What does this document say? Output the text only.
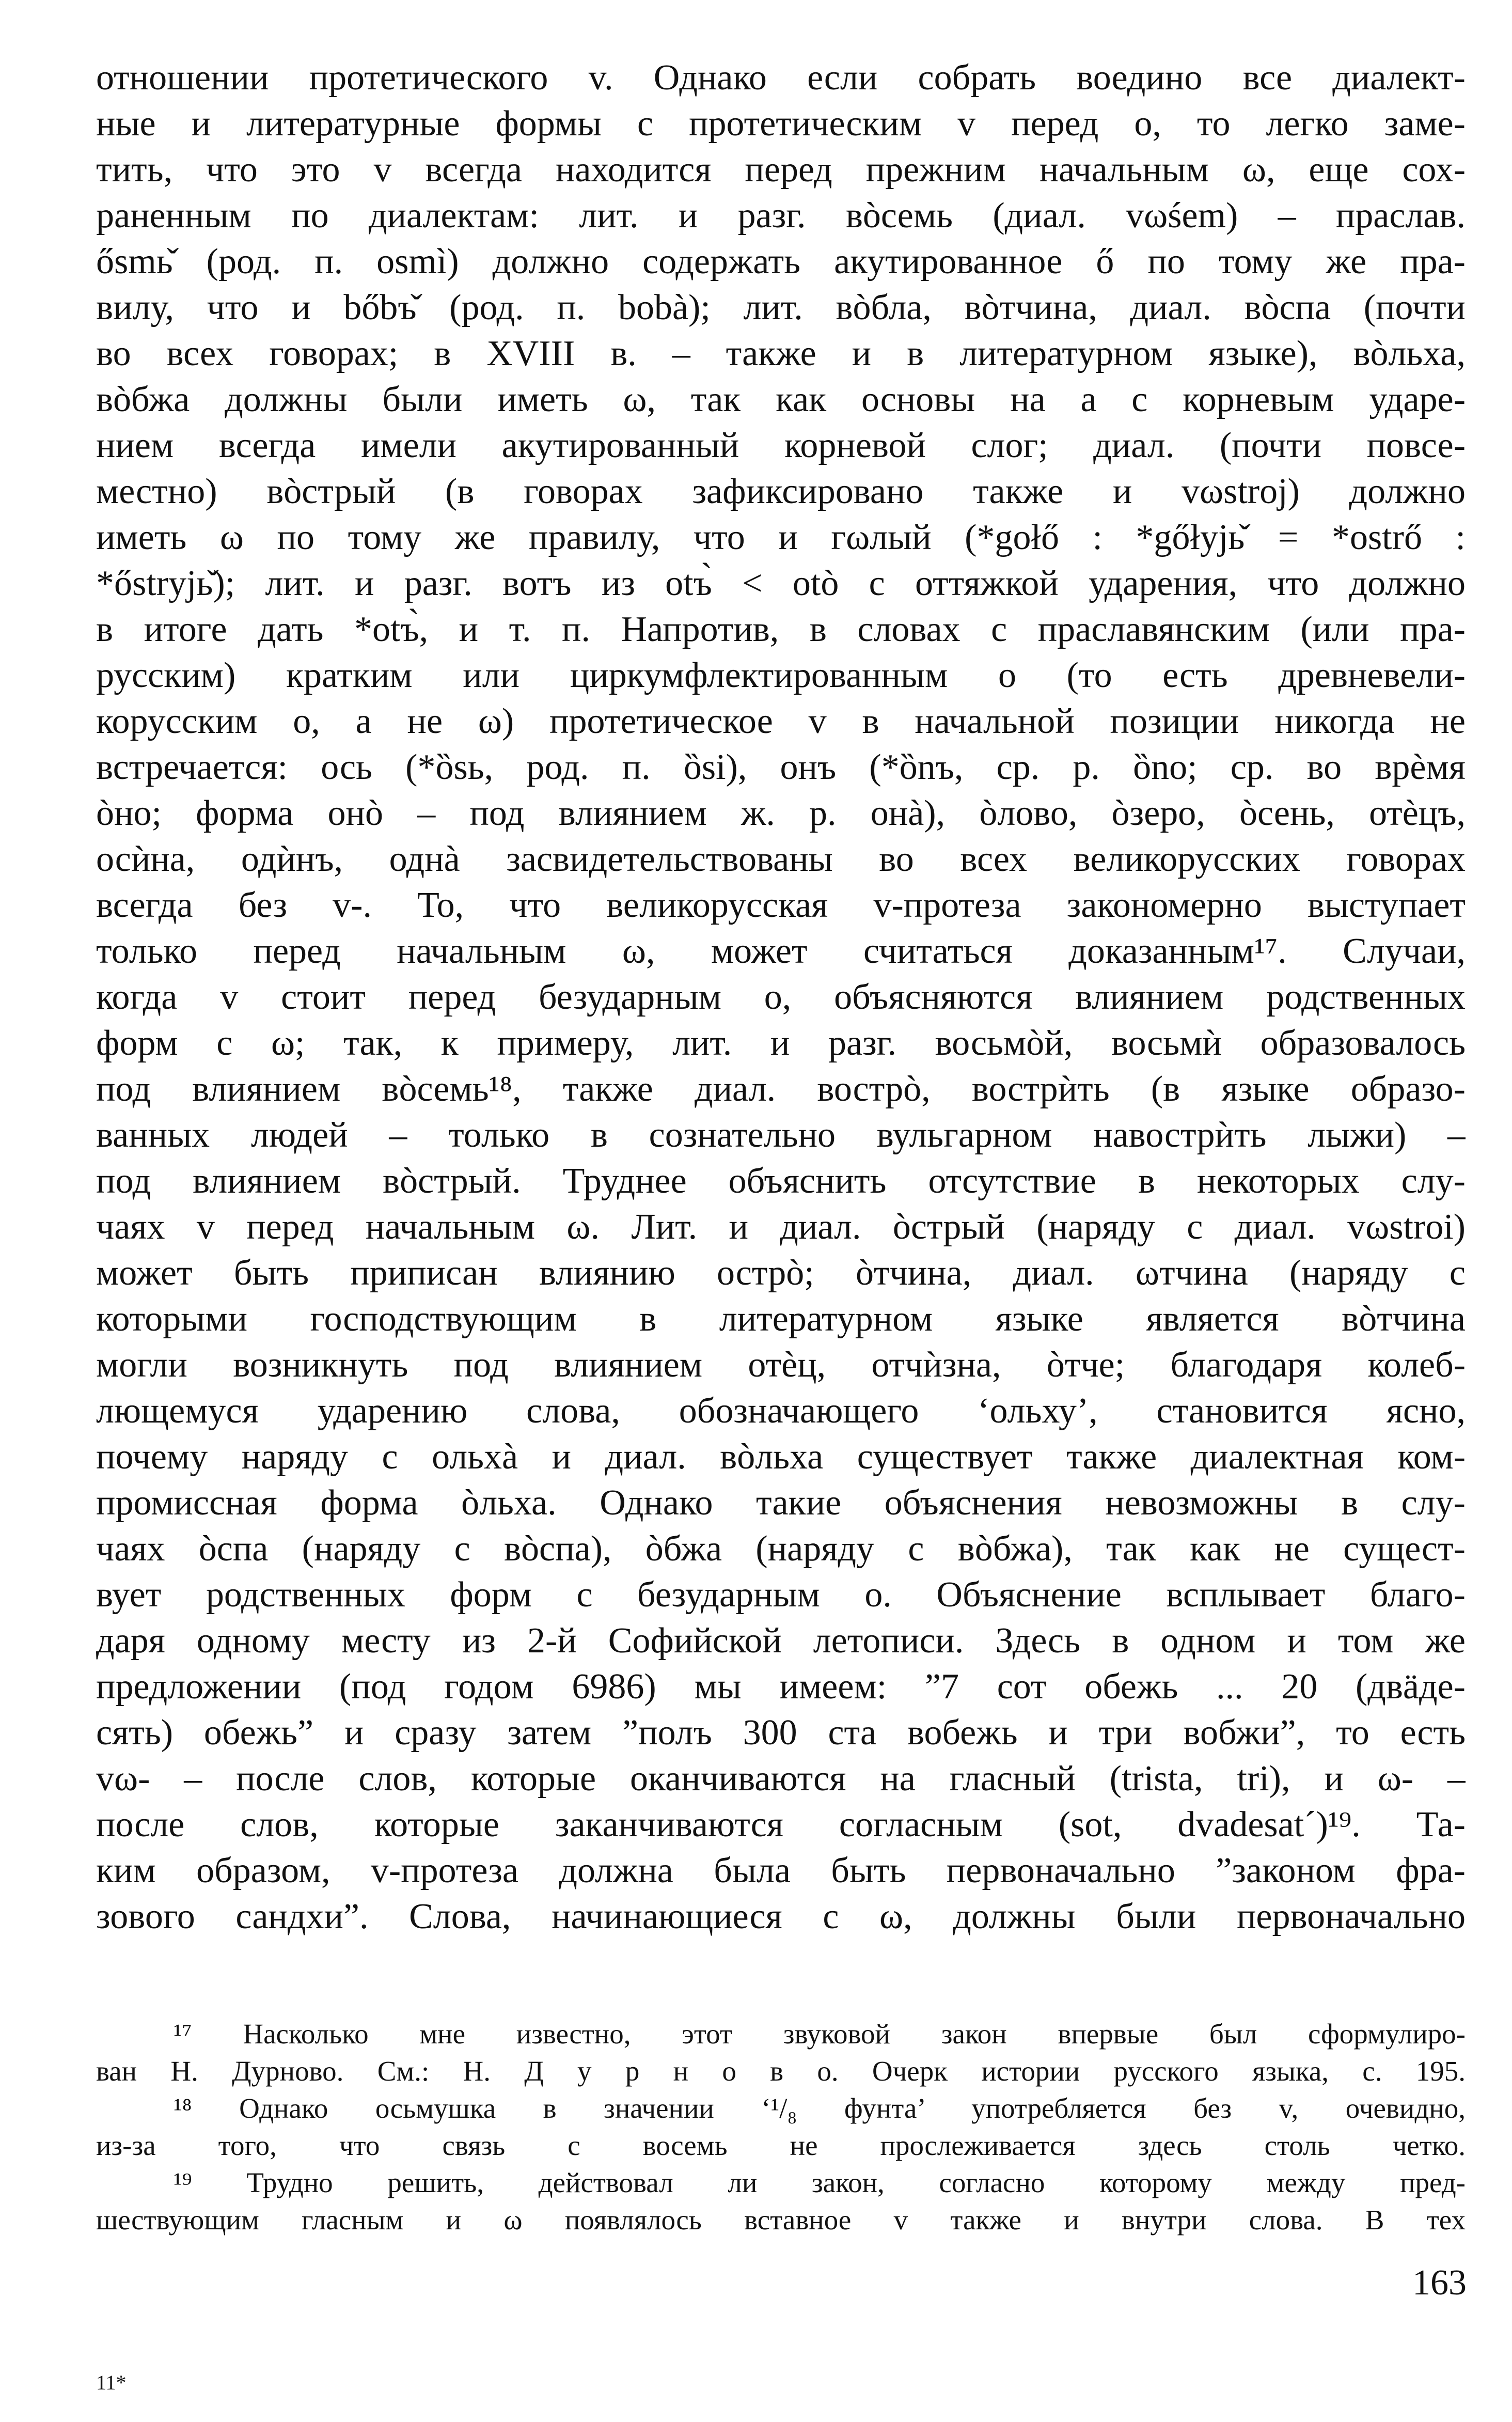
отношении протетического v. Однако если собрать воедино все диалект-
ные и литературные формы с протетическим v перед о, то легко заме-
тить, что это v всегда находится перед прежним начальным ω, еще сох-
раненным по диалектам: лит. и разг. вòсемь (диал. vωśem) – праслав.
ősmь̌ (род. п. osmì) должно содержать акутированное ő по тому же пра-
вилу, что и bőbъ̌ (род. п. bobà); лит. вòбла, вòтчина, диал. вòспа (почти
во всех говорах; в XVIII в. – также и в литературном языке), вòльха,
вòбжа должны были иметь ω, так как основы на а с корневым ударе-
нием всегда имели акутированный корневой слог; диал. (почти повсе-
местно) вòстрый (в говорах зафиксировано также и vωstroj) должно
иметь ω по тому же правилу, что и гωлый (*gołő : *gőłyjь̌ = *ostrő :
*őstryjь̌); лит. и разг. вотъ из otъ̀ < otò с оттяжкой ударения, что должно
в итоге дать *otъ̀, и т. п. Напротив, в словах с праславянским (или пра-
русским) кратким или циркумфлектированным о (то есть древневели-
корусским о, а не ω) протетическое v в начальной позиции никогда не
встречается: ось (*ȍsь, род. п. ȍsi), онъ (*ȍnъ, ср. р. ȍno; ср. во врѐмя
òно; форма онò – под влиянием ж. р. онà), òлово, òзеро, òсень, отѐцъ,
осѝна, одѝнъ, однà засвидетельствованы во всех великорусских говорах
всегда без v-. То, что великорусская v-протеза закономерно выступает
только перед начальным ω, может считаться доказанным¹⁷. Случаи,
когда v стоит перед безударным о, объясняются влиянием родственных
форм с ω; так, к примеру, лит. и разг. восьмòй, восьмѝ образовалось
под влиянием вòсемь¹⁸, также диал. вострò, вострѝть (в языке образо-
ванных людей – только в сознательно вульгарном навострѝть лыжи) –
под влиянием вòстрый. Труднее объяснить отсутствие в некоторых слу-
чаях v перед начальным ω. Лит. и диал. òстрый (наряду с диал. vωstroi)
может быть приписан влиянию острò; òтчина, диал. ωтчина (наряду с
которыми господствующим в литературном языке является вòтчина
могли возникнуть под влиянием отѐц, отчѝзна, òтче; благодаря колеб-
лющемуся ударению слова, обозначающего ‘ольху’, становится ясно,
почему наряду с ольхà и диал. вòльха существует также диалектная ком-
промиссная форма òльха. Однако такие объяснения невозможны в слу-
чаях òспа (наряду с вòспа), òбжа (наряду с вòбжа), так как не сущест-
вует родственных форм с безударным о. Объяснение всплывает благо-
даря одному месту из 2-й Софийской летописи. Здесь в одном и том же
предложении (под годом 6986) мы имеем: ”7 сот обежь ... 20 (двäде-
сять) обежь” и сразу затем ”полъ 300 ста вобежь и три вобжи”, то есть
vω- – после слов, которые оканчиваются на гласный (trista, tri), и ω- –
после слов, которые заканчиваются согласным (sot, dvadesat´)¹⁹. Та-
ким образом, v-протеза должна была быть первоначально ”законом фра-
зового сандхи”. Слова, начинающиеся с ω, должны были первоначально
¹⁷ Насколько мне известно, этот звуковой закон впервые был сформулиро-
ван Н. Дурново. См.: Н. Д у р н о в о. Очерк истории русского языка, с. 195.
¹⁸ Однако осьмушка в значении ‘¹/₈ фунта’ употребляется без v, очевидно,
из-за того, что связь с восемь не прослеживается здесь столь четко.
¹⁹ Трудно решить, действовал ли закон, согласно которому между пред-
шествующим гласным и ω появлялось вставное v также и внутри слова. В тех
163
11*
